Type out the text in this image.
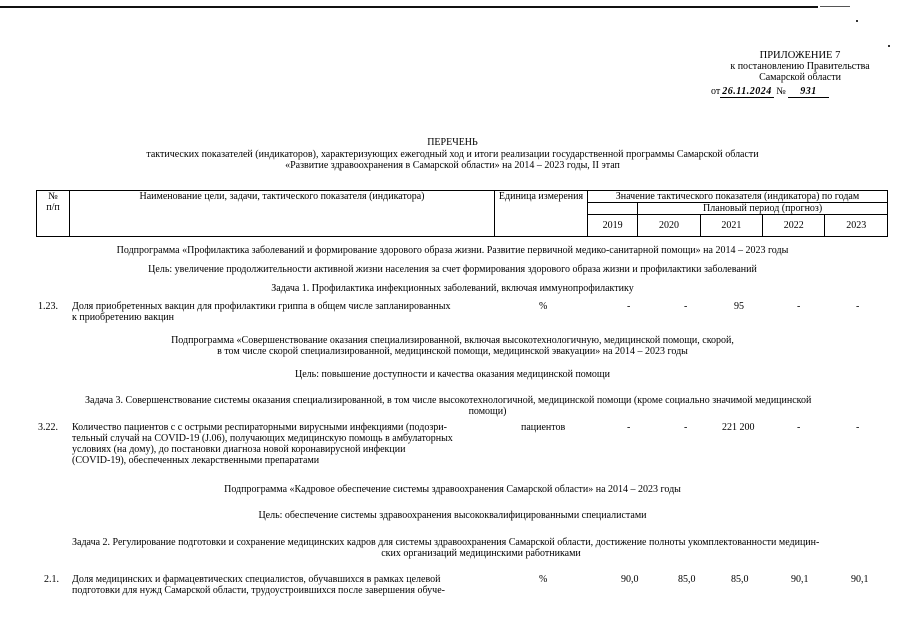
ПРИЛОЖЕНИЕ 7
к постановлению Правительства
Самарской области
от 26.11.2024 № 931
ПЕРЕЧЕНЬ
тактических показателей (индикаторов), характеризующих ежегодный ход и итоги реализации государственной программы Самарской области
«Развитие здравоохранения в Самарской области» на 2014 – 2023 годы, II этап
№
п/п	Наименование цели, задачи, тактического показателя (индикатора)	Единица измерения	Значение тактического показателя (индикатора) по годам				
				Плановый период (прогноз)			
			2019	2020	2021	2022	2023
Подпрограмма «Профилактика заболеваний и формирование здорового образа жизни. Развитие первичной медико-санитарной помощи» на 2014 – 2023 годы
Цель: увеличение продолжительности активной жизни населения за счет формирования здорового образа жизни и профилактики заболеваний
Задача 1. Профилактика инфекционных заболеваний, включая иммунопрофилактику
1.23. Доля приобретенных вакцин для профилактики гриппа в общем числе запланированных
к приобретению вакцин
%	-	-	95	-	-
Подпрограмма «Совершенствование оказания специализированной, включая высокотехнологичную, медицинской помощи, скорой,
в том числе скорой специализированной, медицинской помощи, медицинской эвакуации» на 2014 – 2023 годы
Цель: повышение доступности и качества оказания медицинской помощи
Задача 3. Совершенствование системы оказания специализированной, в том числе высокотехнологичной, медицинской помощи (кроме социально значимой медицинской
помощи)
3.22. Количество пациентов с с острыми респираторными вирусными инфекциями (подозри-
тельный случай на COVID-19 (J.06), получающих медицинскую помощь в амбулаторных
условиях (на дому), до постановки диагноза новой коронавирусной инфекции
(COVID-19), обеспеченных лекарственными препаратами
пациентов	-	-	221 200	-	-
Подпрограмма «Кадровое обеспечение системы здравоохранения Самарской области» на 2014 – 2023 годы
Цель: обеспечение системы здравоохранения высококвалифицированными специалистами
Задача 2. Регулирование подготовки и сохранение медицинских кадров для системы здравоохранения Самарской области, достижение полноты укомплектованности медицин-
ских организаций медицинскими работниками
2.1. Доля медицинских и фармацевтических специалистов, обучавшихся в рамках целевой
подготовки для нужд Самарской области, трудоустроившихся после завершения обуче-
%	90,0	85,0	85,0	90,1	90,1
